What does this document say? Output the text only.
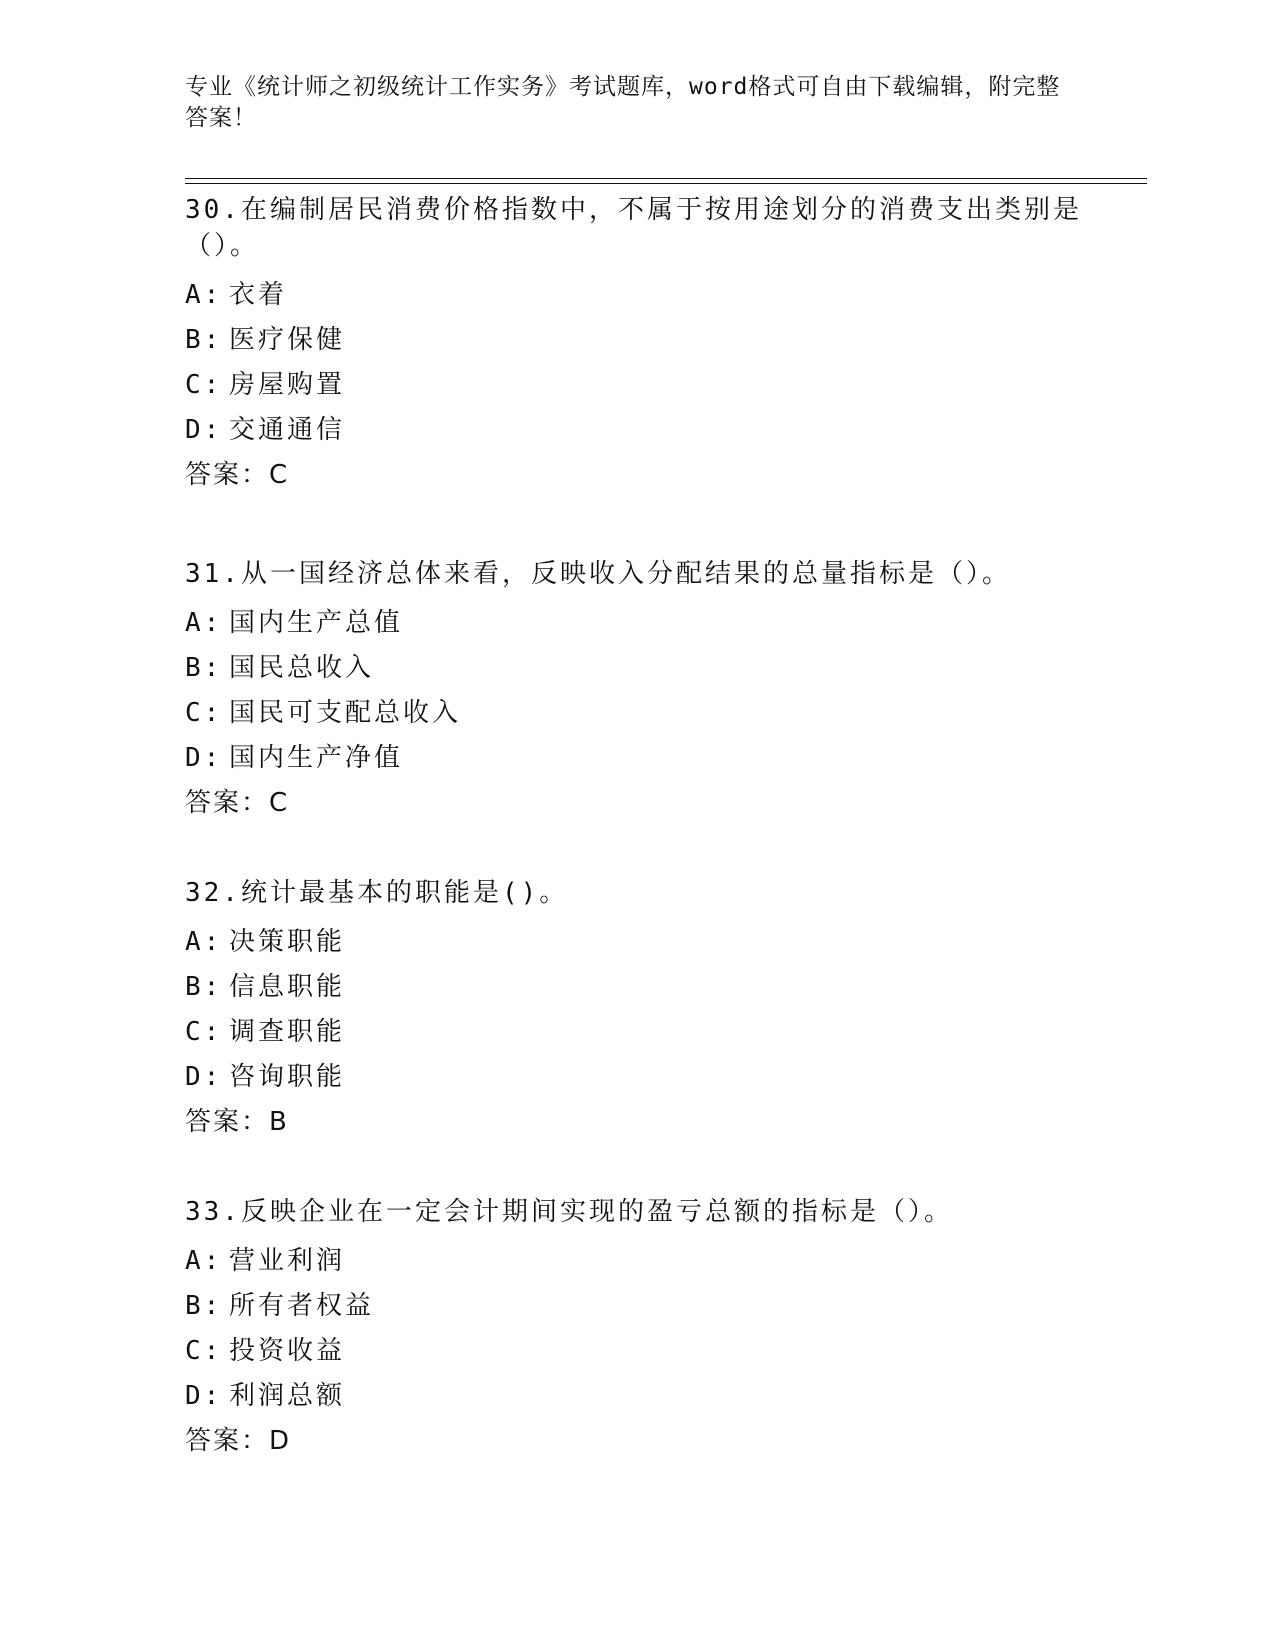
专业《统计师之初级统计工作实务》考试题库，word格式可自由下载编辑，附完整答案！

30.在编制居民消费价格指数中，不属于按用途划分的消费支出类别是（）。

A: 衣着
B: 医疗保健
C: 房屋购置
D: 交通通信
答案：C

31.从一国经济总体来看，反映收入分配结果的总量指标是（）。

A: 国内生产总值
B: 国民总收入
C: 国民可支配总收入
D: 国内生产净值
答案：C

32.统计最基本的职能是()。

A: 决策职能
B: 信息职能
C: 调查职能
D: 咨询职能
答案：B

33.反映企业在一定会计期间实现的盈亏总额的指标是（）。

A: 营业利润
B: 所有者权益
C: 投资收益
D: 利润总额
答案：D
